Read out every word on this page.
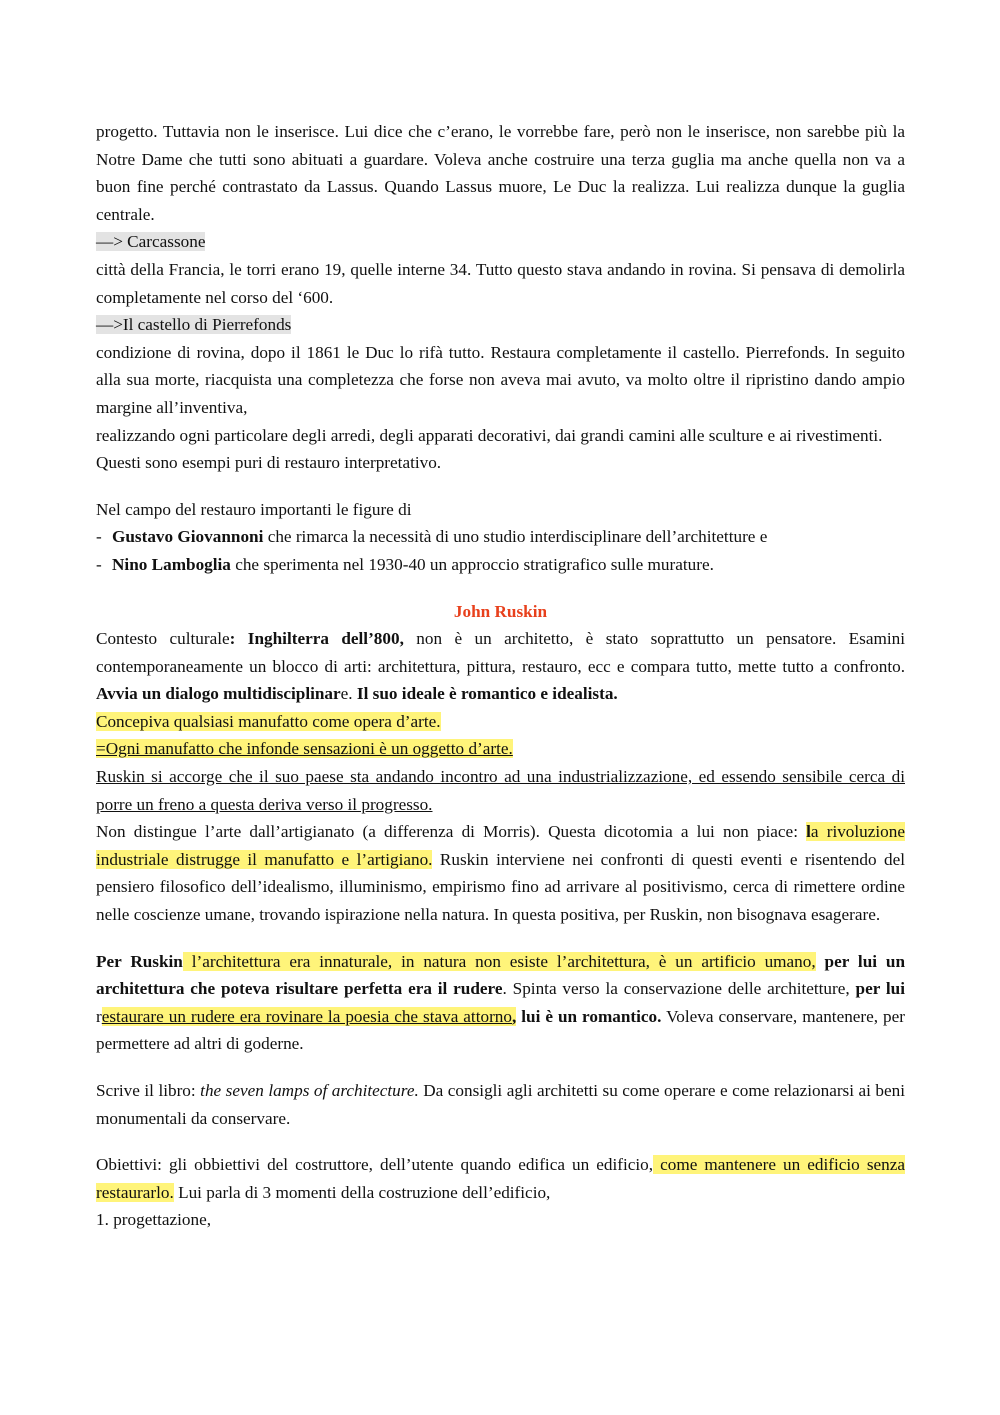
progetto. Tuttavia non le inserisce. Lui dice che c’erano, le vorrebbe fare, però non le inserisce, non sarebbe più la Notre Dame che tutti sono abituati a guardare. Voleva anche costruire una terza guglia ma anche quella non va a buon fine perché contrastato da Lassus. Quando Lassus muore, Le Duc la realizza. Lui realizza dunque la guglia centrale.

—> Carcassone

città della Francia, le torri erano 19, quelle interne 34. Tutto questo stava andando in rovina. Si pensava di demolirla completamente nel corso del ‘600.

—>Il castello di Pierrefonds

condizione di rovina, dopo il 1861 le Duc lo rifà tutto. Restaura completamente il castello. Pierrefonds. In seguito alla sua morte, riacquista una completezza che forse non aveva mai avuto, va molto oltre il ripristino dando ampio margine all’inventiva,

realizzando ogni particolare degli arredi, degli apparati decorativi, dai grandi camini alle sculture e ai rivestimenti.

Questi sono esempi puri di restauro interpretativo.

Nel campo del restauro importanti le figure di

- Gustavo Giovannoni che rimarca la necessità di uno studio interdisciplinare dell’architetture e

- Nino Lamboglia che sperimenta nel 1930-40 un approccio stratigrafico sulle murature.

John Ruskin

Contesto culturale: Inghilterra dell’800, non è un architetto, è stato soprattutto un pensatore. Esamini contemporaneamente un blocco di arti: architettura, pittura, restauro, ecc e compara tutto, mette tutto a confronto. Avvia un dialogo multidisciplinare. Il suo ideale è romantico e idealista.

Concepiva qualsiasi manufatto come opera d’arte.

=Ogni manufatto che infonde sensazioni è un oggetto d’arte.

Ruskin si accorge che il suo paese sta andando incontro ad una industrializzazione, ed essendo sensibile cerca di porre un freno a questa deriva verso il progresso.

Non distingue l’arte dall’artigianato (a differenza di Morris). Questa dicotomia a lui non piace: la rivoluzione industriale distrugge il manufatto e l’artigiano. Ruskin interviene nei confronti di questi eventi e risentendo del pensiero filosofico dell’idealismo, illuminismo, empirismo fino ad arrivare al positivismo, cerca di rimettere ordine nelle coscienze umane, trovando ispirazione nella natura. In questa positiva, per Ruskin, non bisognava esagerare.

Per Ruskin l’architettura era innaturale, in natura non esiste l’architettura, è un artificio umano, per lui un architettura che poteva risultare perfetta era il rudere. Spinta verso la conservazione delle architetture, per lui restaurare un rudere era rovinare la poesia che stava attorno, lui è un romantico. Voleva conservare, mantenere, per permettere ad altri di goderne.

Scrive il libro: the seven lamps of architecture. Da consigli agli architetti su come operare e come relazionarsi ai beni monumentali da conservare.

Obiettivi: gli obbiettivi del costruttore, dell’utente quando edifica un edificio, come mantenere un edificio senza restaurarlo. Lui parla di 3 momenti della costruzione dell’edificio,

1. progettazione,
